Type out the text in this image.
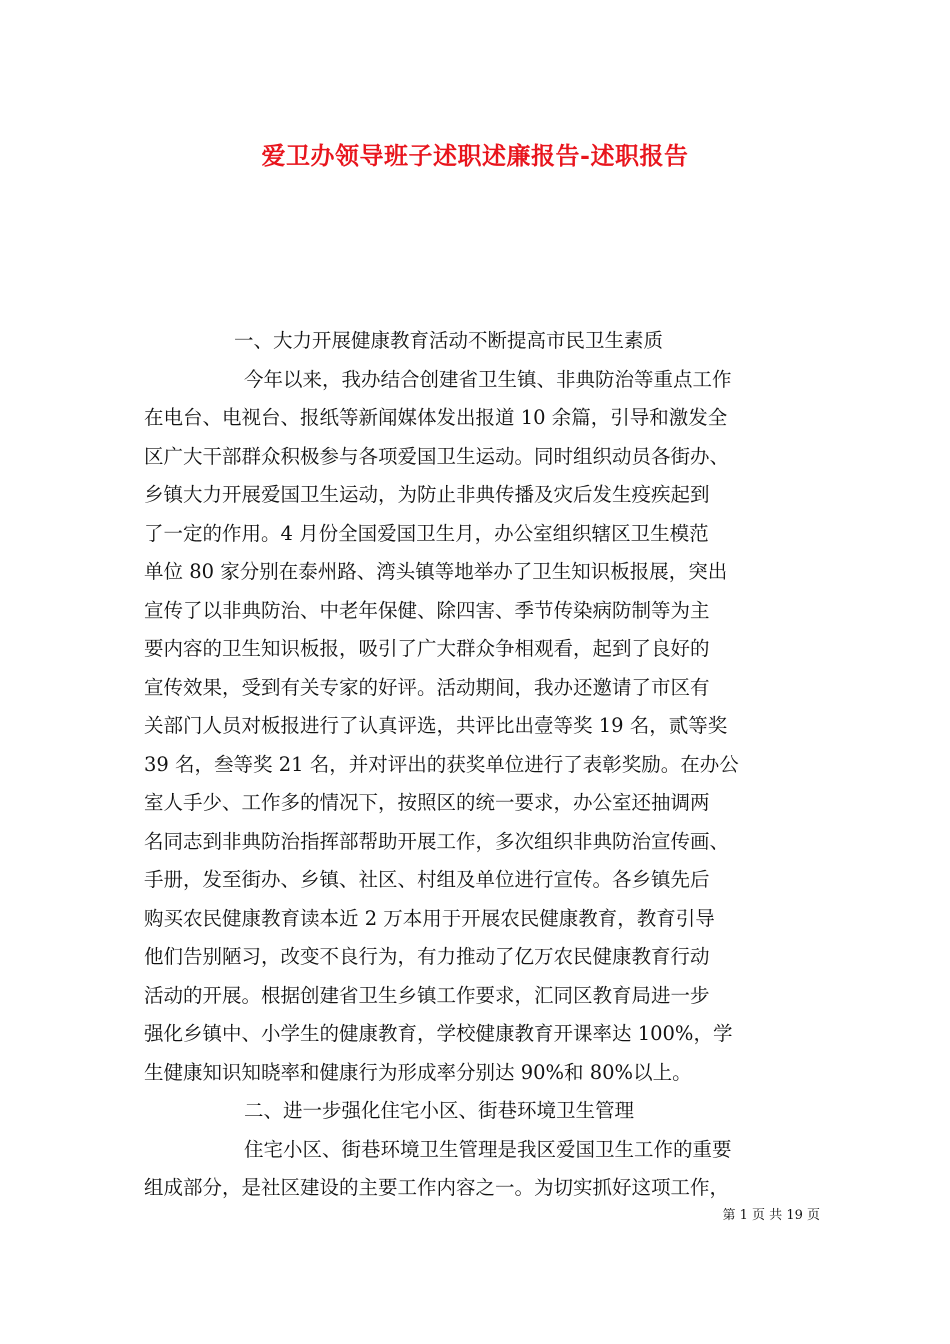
爱卫办领导班子述职述廉报告-述职报告
一、大力开展健康教育活动不断提高市民卫生素质
今年以来，我办结合创建省卫生镇、非典防治等重点工作
在电台、电视台、报纸等新闻媒体发出报道 10 余篇，引导和激发全
区广大干部群众积极参与各项爱国卫生运动。同时组织动员各街办、
乡镇大力开展爱国卫生运动，为防止非典传播及灾后发生疫疾起到
了一定的作用。4 月份全国爱国卫生月，办公室组织辖区卫生模范
单位 80 家分别在泰州路、湾头镇等地举办了卫生知识板报展，突出
宣传了以非典防治、中老年保健、除四害、季节传染病防制等为主
要内容的卫生知识板报，吸引了广大群众争相观看，起到了良好的
宣传效果，受到有关专家的好评。活动期间，我办还邀请了市区有
关部门人员对板报进行了认真评选，共评比出壹等奖 19 名，贰等奖
39 名，叁等奖 21 名，并对评出的获奖单位进行了表彰奖励。在办公
室人手少、工作多的情况下，按照区的统一要求，办公室还抽调两
名同志到非典防治指挥部帮助开展工作，多次组织非典防治宣传画、
手册，发至街办、乡镇、社区、村组及单位进行宣传。各乡镇先后
购买农民健康教育读本近 2 万本用于开展农民健康教育，教育引导
他们告别陋习，改变不良行为，有力推动了亿万农民健康教育行动
活动的开展。根据创建省卫生乡镇工作要求，汇同区教育局进一步
强化乡镇中、小学生的健康教育，学校健康教育开课率达 100%，学
生健康知识知晓率和健康行为形成率分别达 90%和 80%以上。
二、进一步强化住宅小区、街巷环境卫生管理
住宅小区、街巷环境卫生管理是我区爱国卫生工作的重要
组成部分，是社区建设的主要工作内容之一。为切实抓好这项工作，
第 1 页 共 19 页
